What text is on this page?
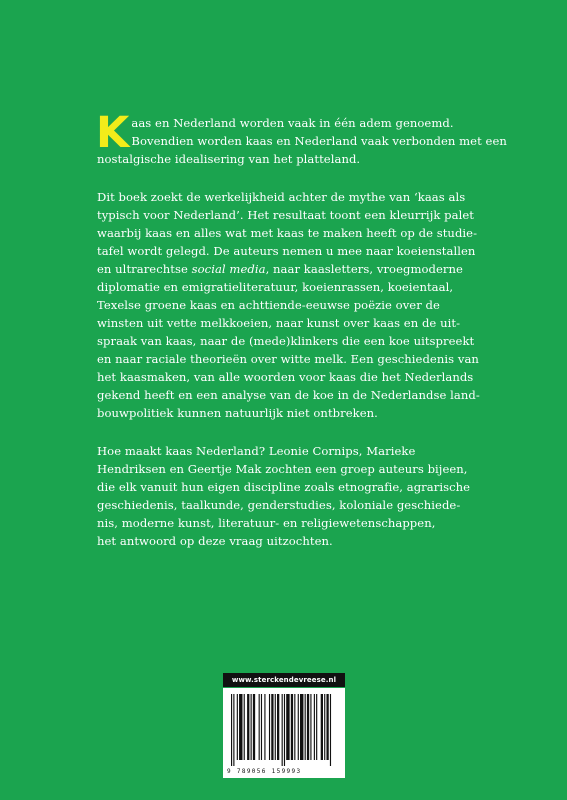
K aas en Nederland worden vaak in één adem genoemd.
Bovendien worden kaas en Nederland vaak verbonden met een
nostalgische idealisering van het platteland.
Dit boek zoekt de werkelijkheid achter de mythe van ‘kaas als
typisch voor Nederland’. Het resultaat toont een kleurrijk palet
waarbij kaas en alles wat met kaas te maken heeft op de studie-
tafel wordt gelegd. De auteurs nemen u mee naar koeienstallen
en ultrarechtse social media, naar kaasletters, vroegmoderne
diplomatie en emigratieliteratuur, koeienrassen, koeientaal,
Texelse groene kaas en achttiende-eeuwse poëzie over de
winsten uit vette melkkoeien, naar kunst over kaas en de uit-
spraak van kaas, naar de (mede)klinkers die een koe uitspreekt
en naar raciale theorieën over witte melk. Een geschiedenis van
het kaasmaken, van alle woorden voor kaas die het Nederlands
gekend heeft en een analyse van de koe in de Nederlandse land-
bouwpolitiek kunnen natuurlijk niet ontbreken.
Hoe maakt kaas Nederland? Leonie Cornips, Marieke
Hendriksen en Geertje Mak zochten een groep auteurs bijeen,
die elk vanuit hun eigen discipline zoals etnografie, agrarische
geschiedenis, taalkunde, genderstudies, koloniale geschiede-
nis, moderne kunst, literatuur- en religiewetenschappen,
het antwoord op deze vraag uitzochten.
www.sterckendevreese.nl
9 789056 159993
